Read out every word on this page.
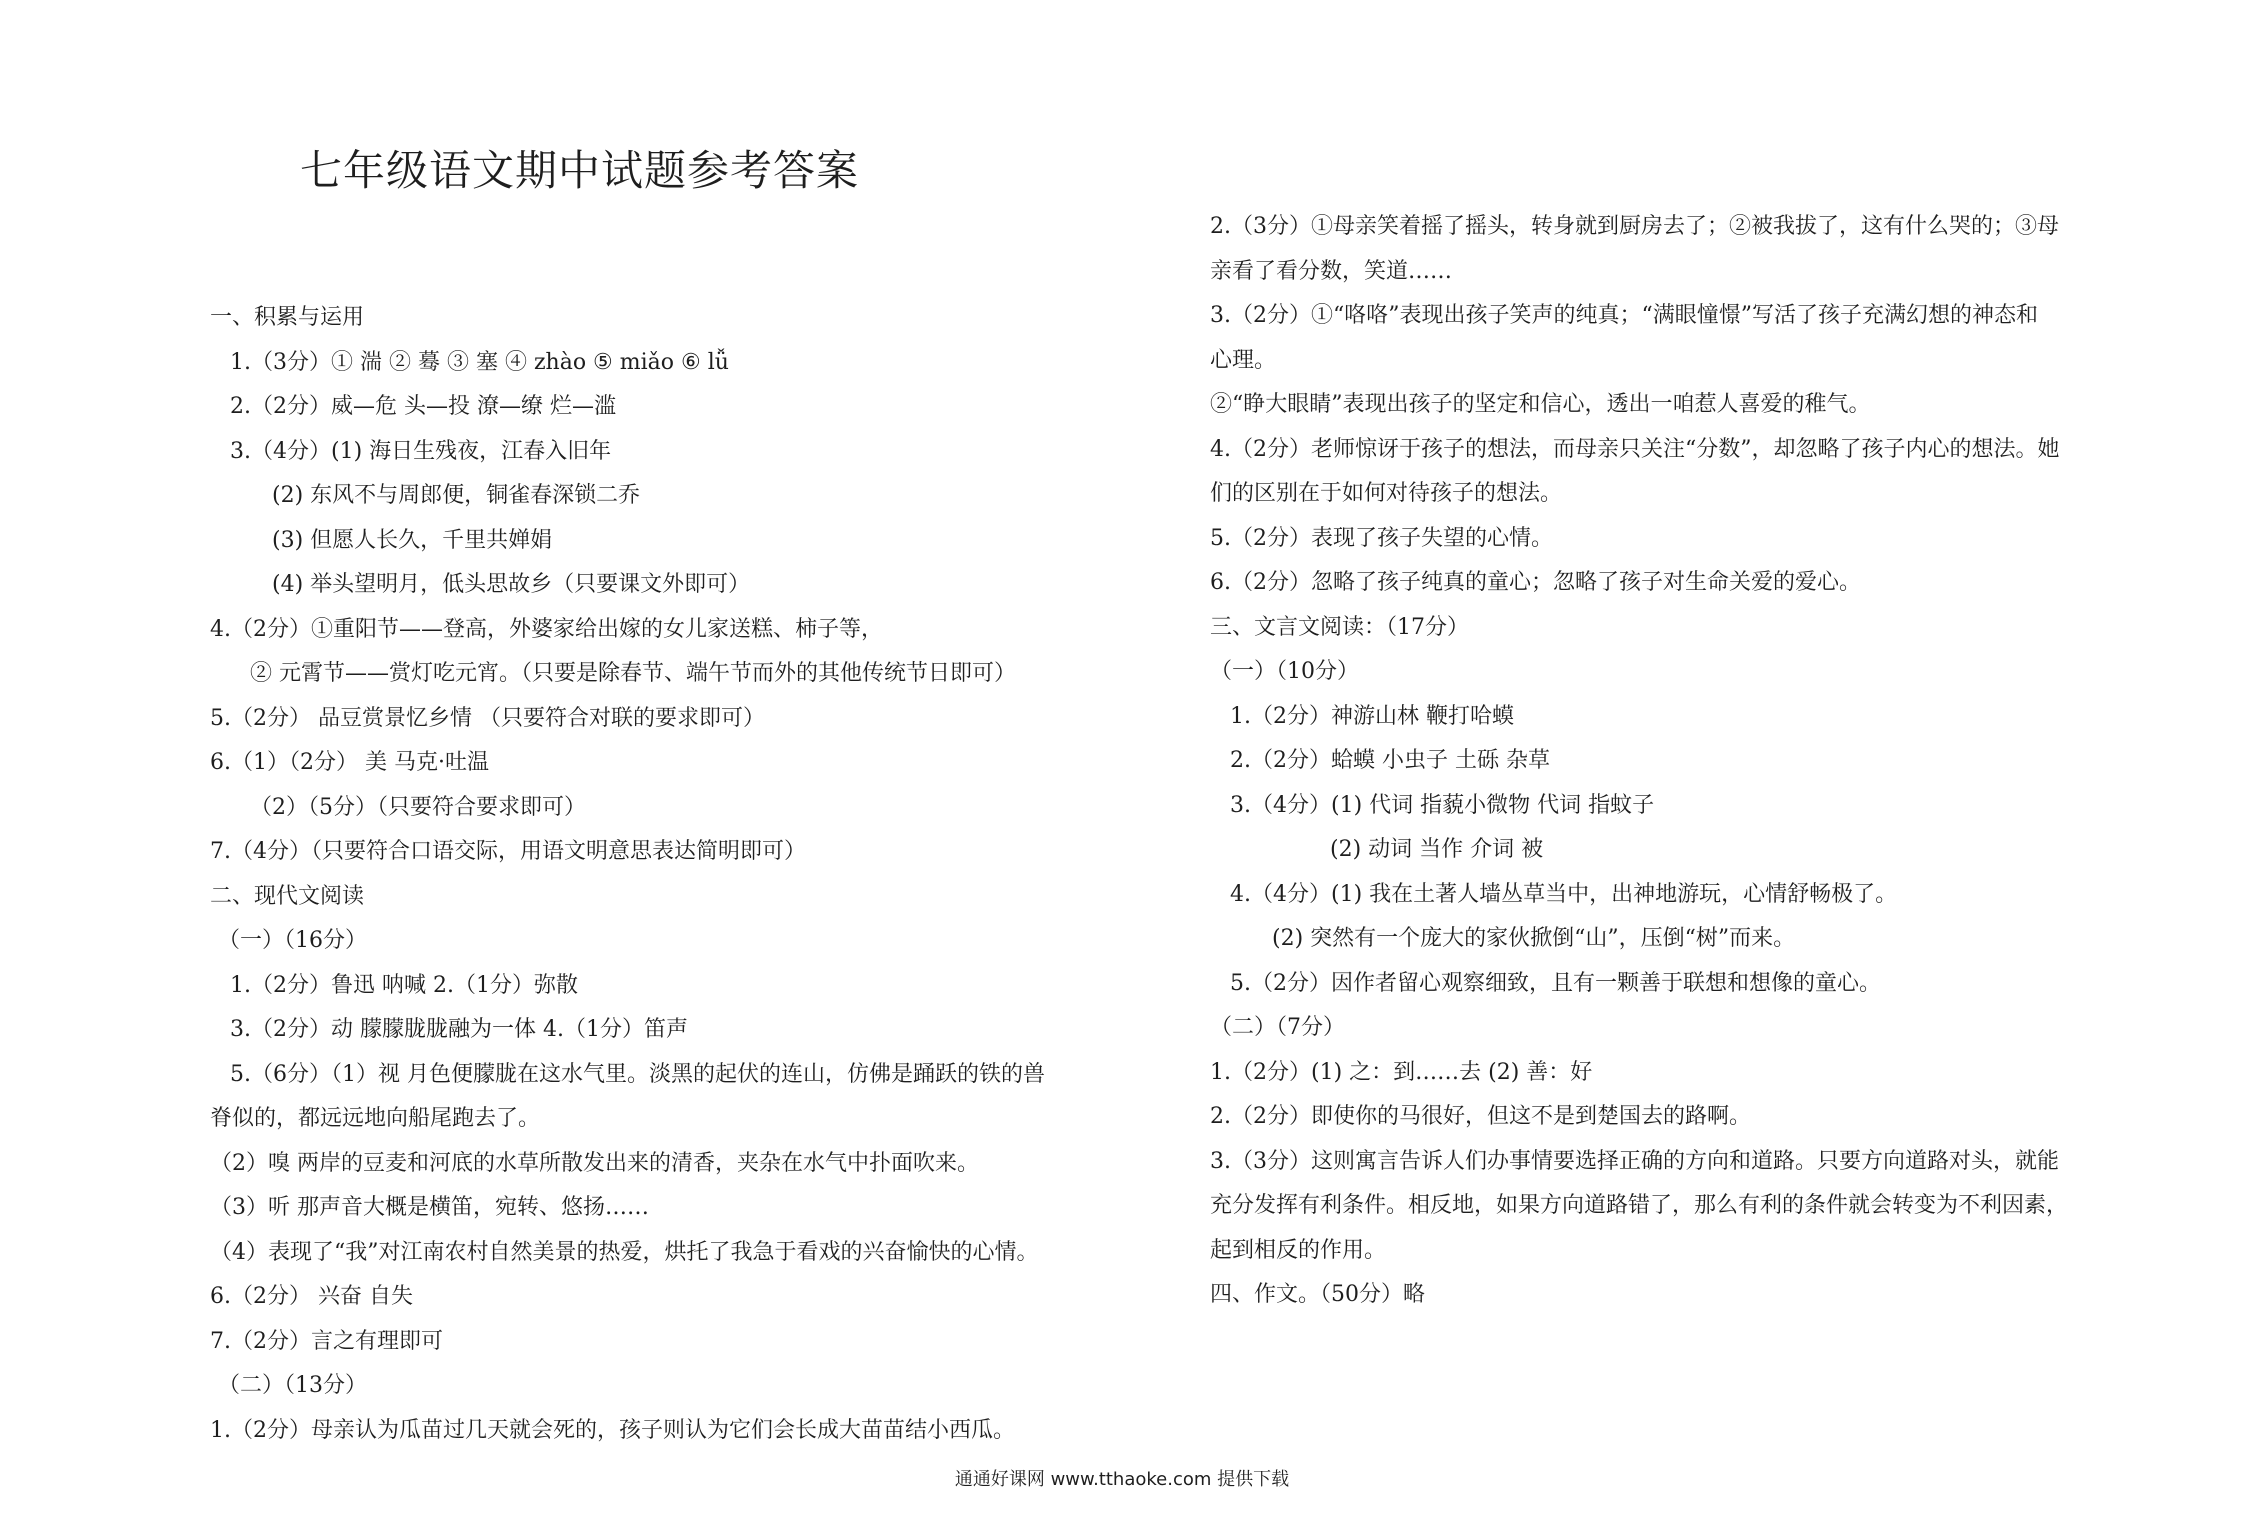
七年级语文期中试题参考答案
一、积累与运用
1.（3分）① 湍 ② 蓦 ③ 塞 ④ zhào ⑤ miǎo ⑥ lǚ
2.（2分）威—危 头—投 潦—缭 烂—滥
3.（4分）(1) 海日生残夜，江春入旧年
(2) 东风不与周郎便，铜雀春深锁二乔
(3) 但愿人长久，千里共婵娟
(4) 举头望明月，低头思故乡（只要课文外即可）
4.（2分）①重阳节——登高，外婆家给出嫁的女儿家送糕、柿子等，
② 元霄节——赏灯吃元宵。（只要是除春节、端午节而外的其他传统节日即可）
5.（2分） 品豆赏景忆乡情 （只要符合对联的要求即可）
6.（1）（2分） 美 马克·吐温
（2）（5分）（只要符合要求即可）
7.（4分）（只要符合口语交际，用语文明意思表达简明即可）
二、现代文阅读
（一）（16分）
1.（2分）鲁迅 呐喊 2.（1分）弥散
3.（2分）动 朦朦胧胧融为一体 4.（1分）笛声
5.（6分）（1）视 月色便朦胧在这水气里。淡黑的起伏的连山，仿佛是踊跃的铁的兽
脊似的，都远远地向船尾跑去了。
（2）嗅 两岸的豆麦和河底的水草所散发出来的清香，夹杂在水气中扑面吹来。
（3）听 那声音大概是横笛，宛转、悠扬……
（4）表现了“我”对江南农村自然美景的热爱，烘托了我急于看戏的兴奋愉快的心情。
6.（2分） 兴奋 自失
7.（2分）言之有理即可
（二）（13分）
1.（2分）母亲认为瓜苗过几天就会死的，孩子则认为它们会长成大苗苗结小西瓜。
2.（3分）①母亲笑着摇了摇头，转身就到厨房去了；②被我拔了，这有什么哭的；③母
亲看了看分数，笑道……
3.（2分）①“咯咯”表现出孩子笑声的纯真；“满眼憧憬”写活了孩子充满幻想的神态和
心理。
②“睁大眼睛”表现出孩子的坚定和信心，透出一咱惹人喜爱的稚气。
4.（2分）老师惊讶于孩子的想法，而母亲只关注“分数”，却忽略了孩子内心的想法。她
们的区别在于如何对待孩子的想法。
5.（2分）表现了孩子失望的心情。
6.（2分）忽略了孩子纯真的童心；忽略了孩子对生命关爱的爱心。
三、文言文阅读：（17分）
（一）（10分）
1.（2分）神游山林 鞭打哈蟆
2.（2分）蛤蟆 小虫子 土砾 杂草
3.（4分）(1) 代词 指藐小微物 代词 指蚊子
(2) 动词 当作 介词 被
4.（4分）(1) 我在土著人墙丛草当中，出神地游玩，心情舒畅极了。
(2) 突然有一个庞大的家伙掀倒“山”，压倒“树”而来。
5.（2分）因作者留心观察细致，且有一颗善于联想和想像的童心。
（二）（7分）
1.（2分）(1) 之：到……去 (2) 善：好
2.（2分）即使你的马很好，但这不是到楚国去的路啊。
3.（3分）这则寓言告诉人们办事情要选择正确的方向和道路。只要方向道路对头，就能
充分发挥有利条件。相反地，如果方向道路错了，那么有利的条件就会转变为不利因素，
起到相反的作用。
四、作文。（50分）略
通通好课网 www.tthaoke.com 提供下载
